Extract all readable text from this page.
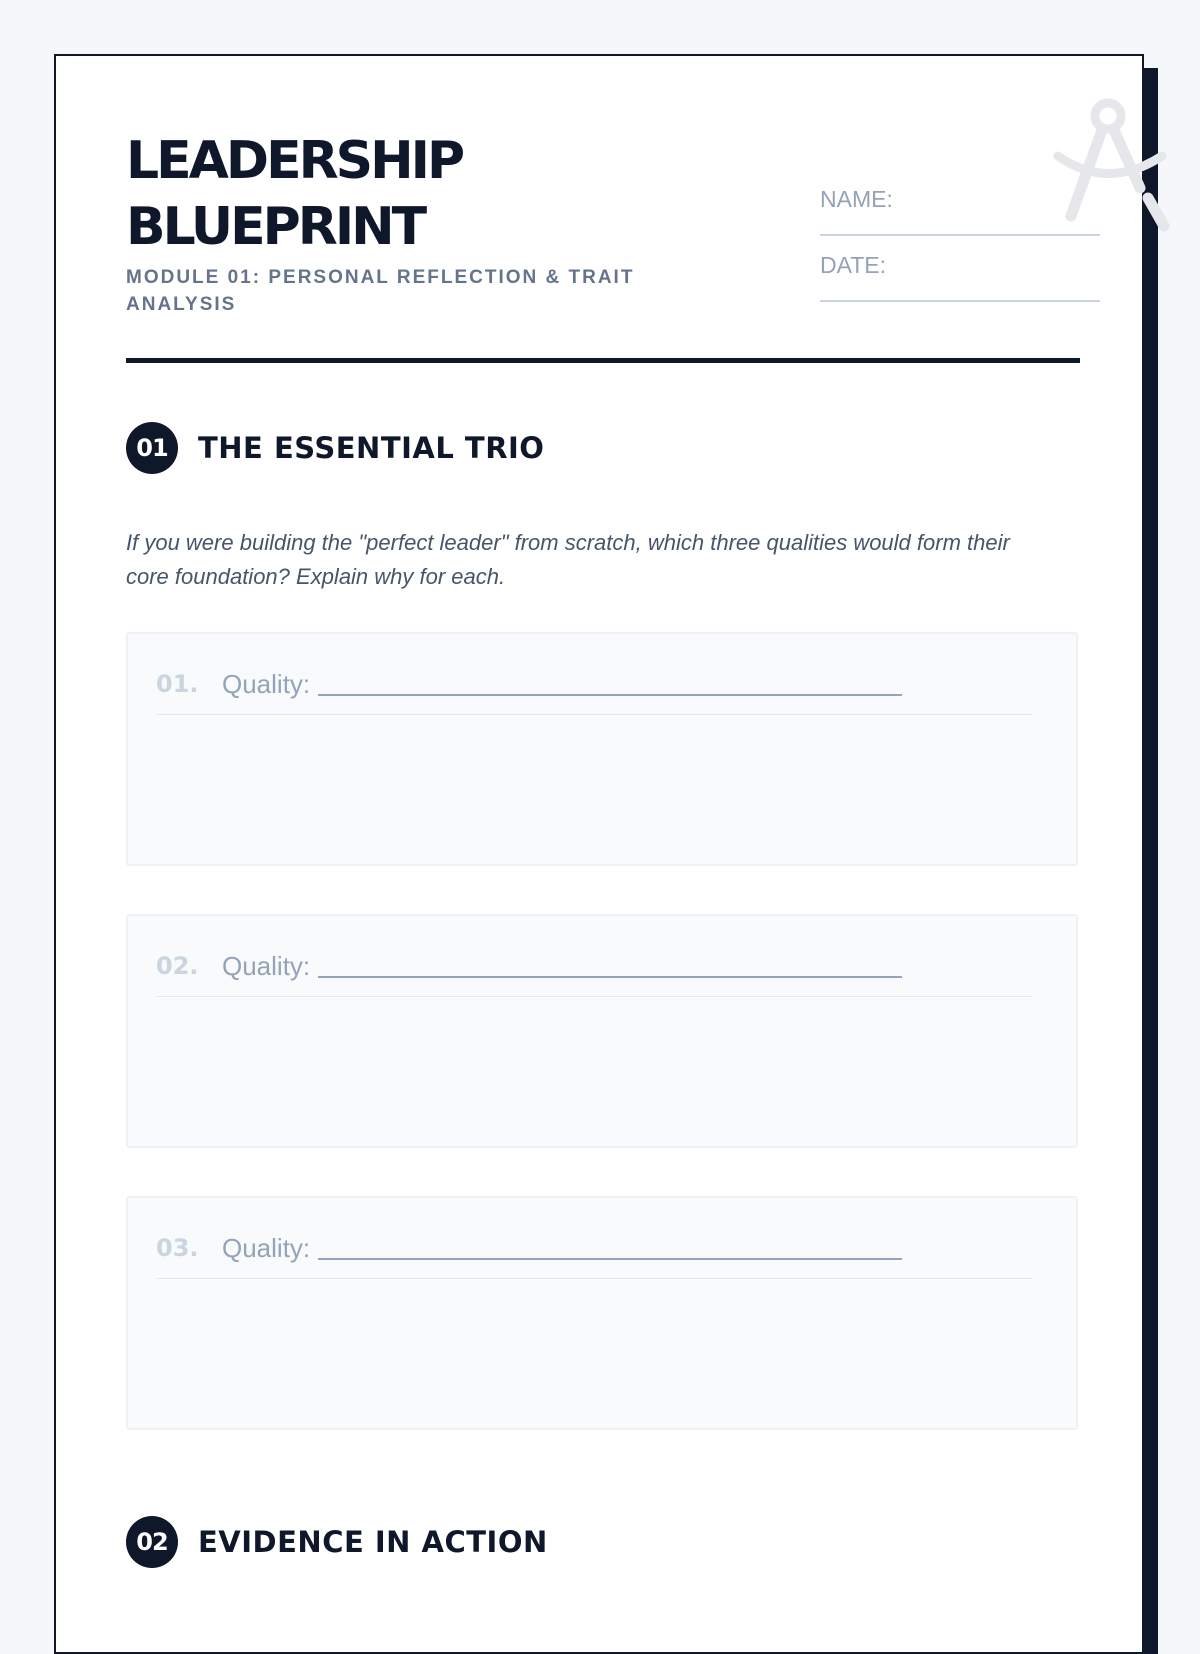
LEADERSHIP
BLUEPRINT
MODULE 01: PERSONAL REFLECTION & TRAIT ANALYSIS
NAME:
DATE:
01	THE ESSENTIAL TRIO
If you were building the "perfect leader" from scratch, which three qualities would form their core foundation? Explain why for each.
01. Quality:
02. Quality:
03. Quality:
02	EVIDENCE IN ACTION
